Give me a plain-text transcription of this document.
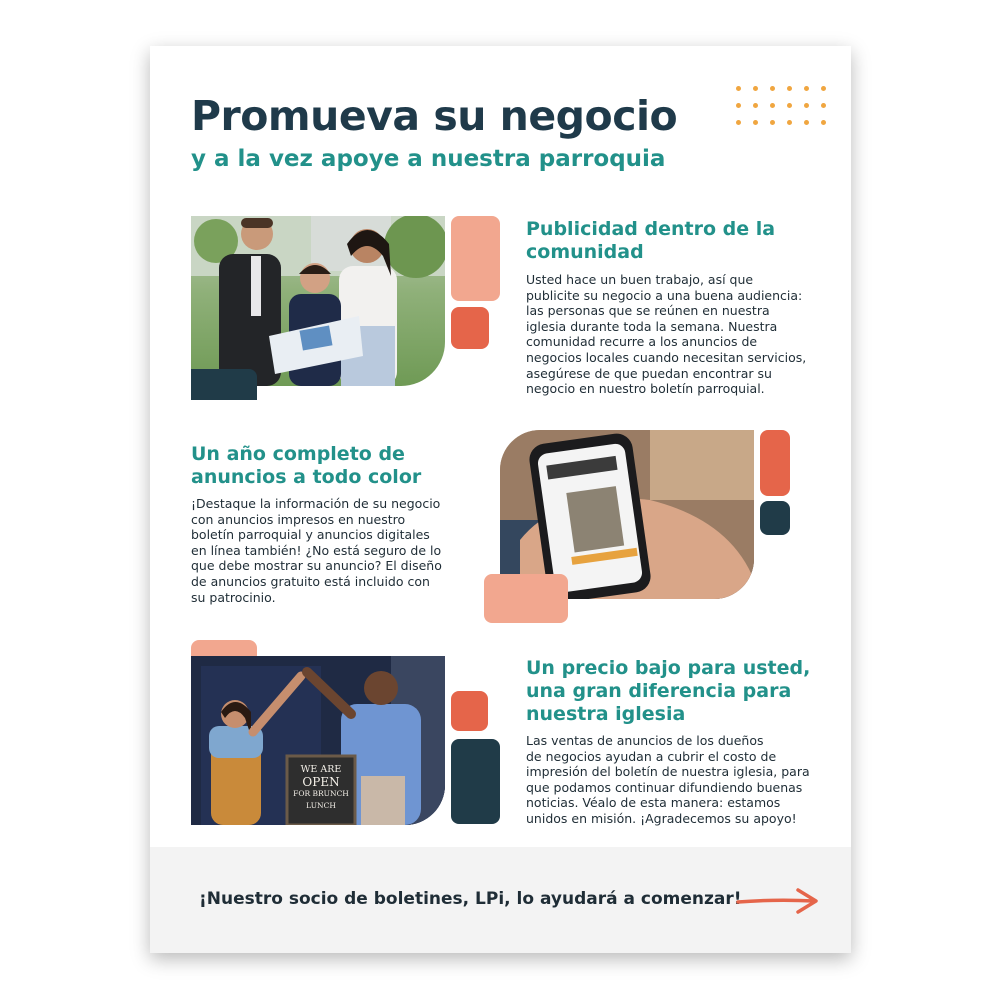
Promueva su negocio
y a la vez apoye a nuestra parroquia
Publicidad dentro de la
comunidad
Usted hace un buen trabajo, así que
publicite su negocio a una buena audiencia:
las personas que se reúnen en nuestra
iglesia durante toda la semana. Nuestra
comunidad recurre a los anuncios de
negocios locales cuando necesitan servicios,
asegúrese de que puedan encontrar su
negocio en nuestro boletín parroquial.
Un año completo de
anuncios a todo color
¡Destaque la información de su negocio
con anuncios impresos en nuestro
boletín parroquial y anuncios digitales
en línea también! ¿No está seguro de lo
que debe mostrar su anuncio? El diseño
de anuncios gratuito está incluido con
su patrocinio.
WE ARE
OPEN
FOR BRUNCH
LUNCH
Un precio bajo para usted,
una gran diferencia para
nuestra iglesia
Las ventas de anuncios de los dueños
de negocios ayudan a cubrir el costo de
impresión del boletín de nuestra iglesia, para
que podamos continuar difundiendo buenas
noticias. Véalo de esta manera: estamos
unidos en misión. ¡Agradecemos su apoyo!

¡Nuestro socio de boletines, LPi, lo ayudará a comenzar!
